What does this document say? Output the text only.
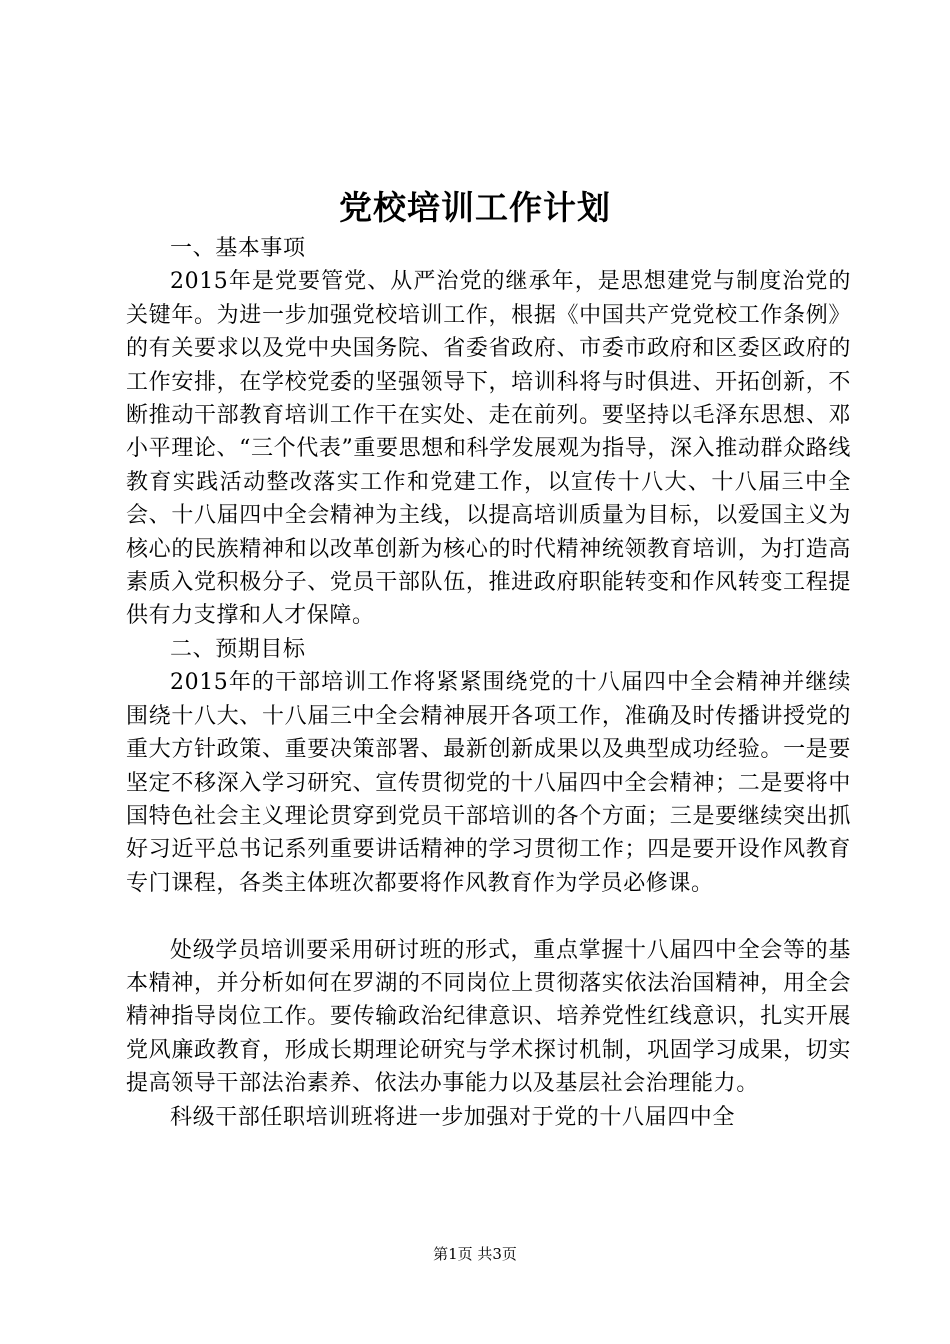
党校培训工作计划

一、基本事项

2015年是党要管党、从严治党的继承年，是思想建党与制度治党的关键年。为进一步加强党校培训工作，根据《中国共产党党校工作条例》的有关要求以及党中央国务院、省委省政府、市委市政府和区委区政府的工作安排，在学校党委的坚强领导下，培训科将与时俱进、开拓创新，不断推动干部教育培训工作干在实处、走在前列。要坚持以毛泽东思想、邓小平理论、“三个代表”重要思想和科学发展观为指导，深入推动群众路线教育实践活动整改落实工作和党建工作，以宣传十八大、十八届三中全会、十八届四中全会精神为主线，以提高培训质量为目标，以爱国主义为核心的民族精神和以改革创新为核心的时代精神统领教育培训，为打造高素质入党积极分子、党员干部队伍，推进政府职能转变和作风转变工程提供有力支撑和人才保障。

二、预期目标

2015年的干部培训工作将紧紧围绕党的十八届四中全会精神并继续围绕十八大、十八届三中全会精神展开各项工作，准确及时传播讲授党的重大方针政策、重要决策部署、最新创新成果以及典型成功经验。一是要坚定不移深入学习研究、宣传贯彻党的十八届四中全会精神；二是要将中国特色社会主义理论贯穿到党员干部培训的各个方面；三是要继续突出抓好习近平总书记系列重要讲话精神的学习贯彻工作；四是要开设作风教育专门课程，各类主体班次都要将作风教育作为学员必修课。

处级学员培训要采用研讨班的形式，重点掌握十八届四中全会等的基本精神，并分析如何在罗湖的不同岗位上贯彻落实依法治国精神，用全会精神指导岗位工作。要传输政治纪律意识、培养党性红线意识，扎实开展党风廉政教育，形成长期理论研究与学术探讨机制，巩固学习成果，切实提高领导干部法治素养、依法办事能力以及基层社会治理能力。

科级干部任职培训班将进一步加强对于党的十八届四中全

第1页 共3页
